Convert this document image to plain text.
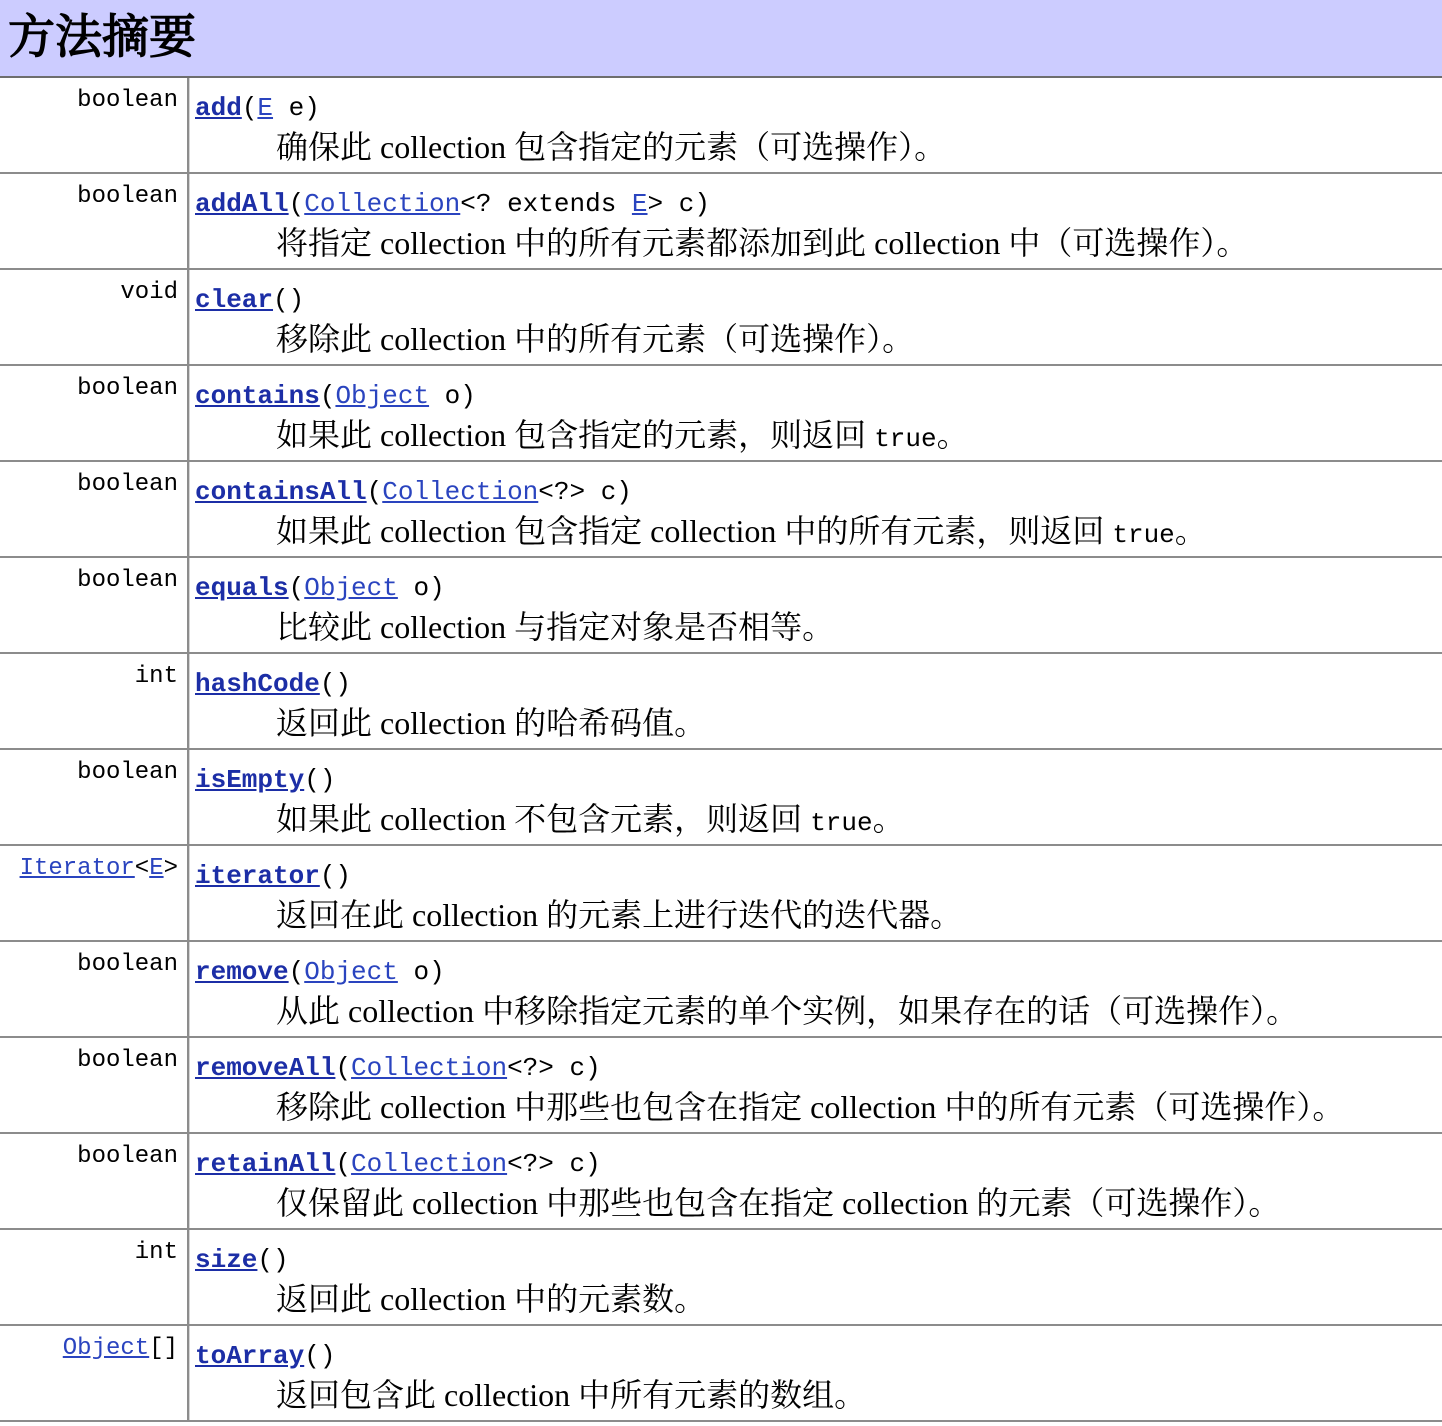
方法摘要
boolean add(E e)
确保此 collection 包含指定的元素（可选操作）。
boolean addAll(Collection<? extends E> c)
将指定 collection 中的所有元素都添加到此 collection 中（可选操作）。
void clear()
移除此 collection 中的所有元素（可选操作）。
boolean contains(Object o)
如果此 collection 包含指定的元素，则返回 true。
boolean containsAll(Collection<?> c)
如果此 collection 包含指定 collection 中的所有元素，则返回 true。
boolean equals(Object o)
比较此 collection 与指定对象是否相等。
int hashCode()
返回此 collection 的哈希码值。
boolean isEmpty()
如果此 collection 不包含元素，则返回 true。
Iterator<E> iterator()
返回在此 collection 的元素上进行迭代的迭代器。
boolean remove(Object o)
从此 collection 中移除指定元素的单个实例，如果存在的话（可选操作）。
boolean removeAll(Collection<?> c)
移除此 collection 中那些也包含在指定 collection 中的所有元素（可选操作）。
boolean retainAll(Collection<?> c)
仅保留此 collection 中那些也包含在指定 collection 的元素（可选操作）。
int size()
返回此 collection 中的元素数。
Object[] toArray()
返回包含此 collection 中所有元素的数组。
